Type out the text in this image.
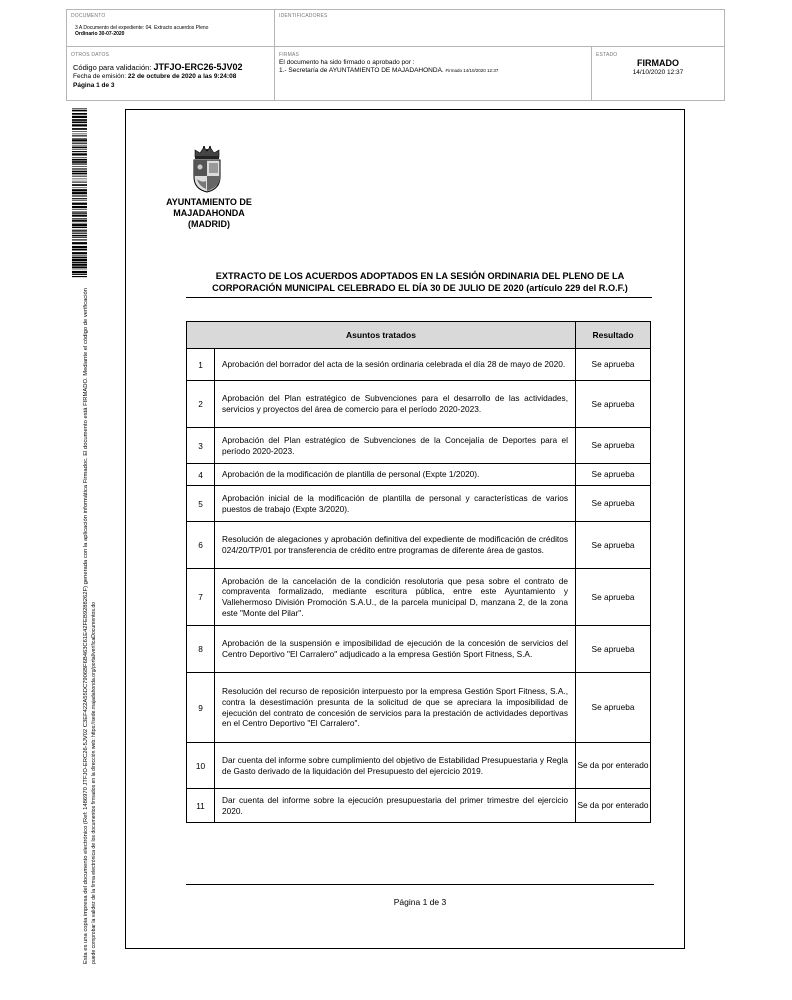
DOCUMENTO
3 A Documento del expediente: 04. Extracto acuerdos Pleno
Ordinario 30-07-2020
IDENTIFICADORES
OTROS DATOS
Código para validación: JTFJO-ERC26-5JV02
Fecha de emisión: 22 de octubre de 2020 a las 9:24:08
Página 1 de 3
FIRMAS
El documento ha sido firmado o aprobado por :
1.- Secretaría de AYUNTAMIENTO DE MAJADAHONDA. Firmado 14/10/2020 12:37
ESTADO
FIRMADO
14/10/2020 12:37
Esta es una copia impresa del documento electrónico (Ref: 1486970 JTFJO-ERC26-5JV02 C3EF422A55DC7906BF6B463C61E42FEB9288262F) generada con la aplicación informática Firmadoc. El documento está FIRMADO. Mediante el código de verificación puede comprobar la validez de la firma electrónica de los documentos firmados en la dirección web: https://sede.majadahonda.org/portal/verificaDocumentos.do
AYUNTAMIENTO DE
MAJADAHONDA
(MADRID)
EXTRACTO DE LOS ACUERDOS ADOPTADOS EN LA SESIÓN ORDINARIA DEL PLENO DE LA
CORPORACIÓN MUNICIPAL CELEBRADO EL DÍA 30 DE JULIO DE 2020 (artículo 229 del R.O.F.)
Asuntos tratados		Resultado
1	Aprobación del borrador del acta de la sesión ordinaria celebrada el día 28 de mayo de 2020.	Se aprueba
2	Aprobación del Plan estratégico de Subvenciones para el desarrollo de las actividades, servicios y proyectos del área de comercio para el período 2020-2023.	Se aprueba
3	Aprobación del Plan estratégico de Subvenciones de la Concejalía de Deportes para el período 2020-2023.	Se aprueba
4	Aprobación de la modificación de plantilla de personal (Expte 1/2020).	Se aprueba
5	Aprobación inicial de la modificación de plantilla de personal y características de varios puestos de trabajo (Expte 3/2020).	Se aprueba
6	Resolución de alegaciones y aprobación definitiva del expediente de modificación de créditos 024/20/TP/01 por transferencia de crédito entre programas de diferente área de gastos.	Se aprueba
7	Aprobación de la cancelación de la condición resolutoria que pesa sobre el contrato de compraventa formalizado, mediante escritura pública, entre este Ayuntamiento y Vallehermoso División Promoción S.A.U., de la parcela municipal D, manzana 2, de la zona este "Monte del Pilar".	Se aprueba
8	Aprobación de la suspensión e imposibilidad de ejecución de la concesión de servicios del Centro Deportivo "El Carralero" adjudicado a la empresa Gestión Sport Fitness, S.A.	Se aprueba
9	Resolución del recurso de reposición interpuesto por la empresa Gestión Sport Fitness, S.A., contra la desestimación presunta de la solicitud de que se apreciara la imposibilidad de ejecución del contrato de concesión de servicios para la prestación de actividades deportivas en el Centro Deportivo "El Carralero".	Se aprueba
10	Dar cuenta del informe sobre cumplimiento del objetivo de Estabilidad Presupuestaria y Regla de Gasto derivado de la liquidación del Presupuesto del ejercicio 2019.	Se da por enterado
11	Dar cuenta del informe sobre la ejecución presupuestaria del primer trimestre del ejercicio 2020.	Se da por enterado
Página 1 de 3
